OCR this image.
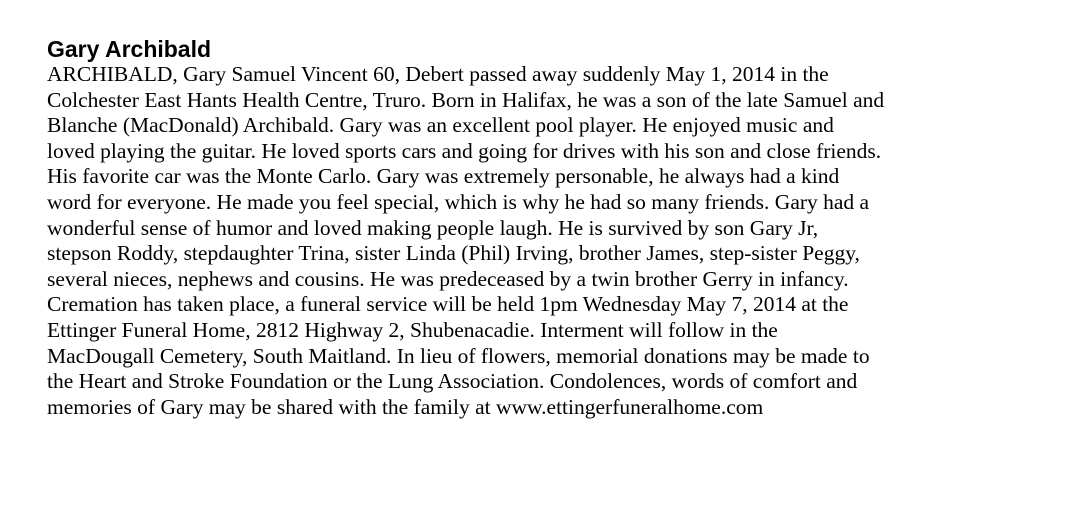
Gary Archibald

ARCHIBALD, Gary Samuel Vincent 60, Debert passed away suddenly May 1, 2014 in the
Colchester East Hants Health Centre, Truro. Born in Halifax, he was a son of the late Samuel and
Blanche (MacDonald) Archibald. Gary was an excellent pool player. He enjoyed music and
loved playing the guitar. He loved sports cars and going for drives with his son and close friends.
His favorite car was the Monte Carlo. Gary was extremely personable, he always had a kind
word for everyone. He made you feel special, which is why he had so many friends. Gary had a
wonderful sense of humor and loved making people laugh. He is survived by son Gary Jr,
stepson Roddy, stepdaughter Trina, sister Linda (Phil) Irving, brother James, step-sister Peggy,
several nieces, nephews and cousins. He was predeceased by a twin brother Gerry in infancy.
Cremation has taken place, a funeral service will be held 1pm Wednesday May 7, 2014 at the
Ettinger Funeral Home, 2812 Highway 2, Shubenacadie. Interment will follow in the
MacDougall Cemetery, South Maitland. In lieu of flowers, memorial donations may be made to
the Heart and Stroke Foundation or the Lung Association. Condolences, words of comfort and
memories of Gary may be shared with the family at www.ettingerfuneralhome.com
